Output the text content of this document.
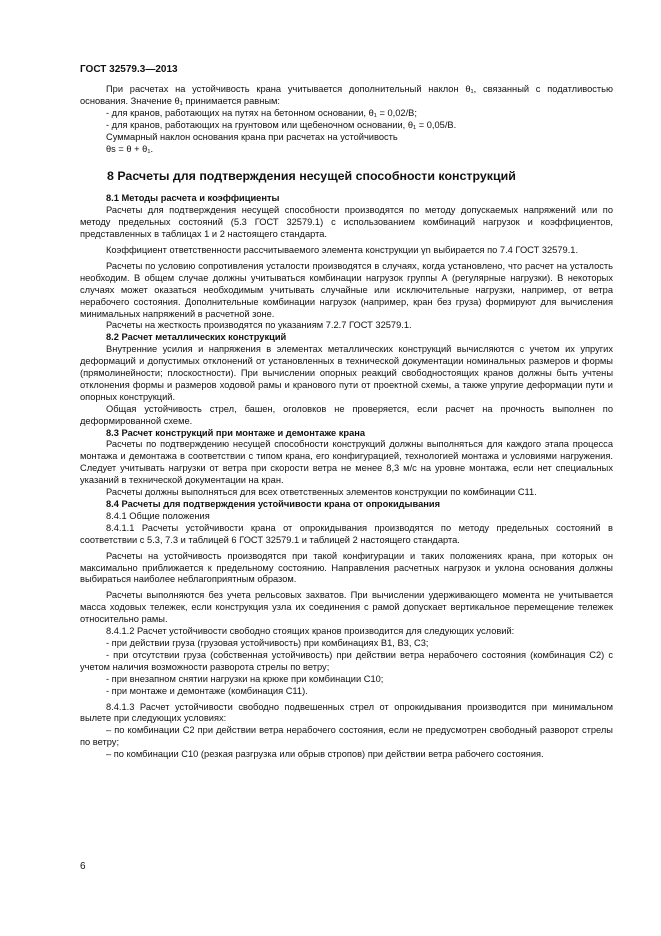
ГОСТ 32579.3—2013

При расчетах на устойчивость крана учитывается дополнительный наклон θ₁, связанный с податливостью основания. Значение θ₁ принимается равным:

- для кранов, работающих на путях на бетонном основании, θ₁ = 0,02/B;

- для кранов, работающих на грунтовом или щебеночном основании, θ₁ = 0,05/B.

Суммарный наклон основания крана при расчетах на устойчивость

θs = θ + θ₁.

8 Расчеты для подтверждения несущей способности конструкций

8.1 Методы расчета и коэффициенты

Расчеты для подтверждения несущей способности производятся по методу допускаемых напряжений или по методу предельных состояний (5.3 ГОСТ 32579.1) с использованием комбинаций нагрузок и коэффициентов, представленных в таблицах 1 и 2 настоящего стандарта.

Коэффициент ответственности рассчитываемого элемента конструкции γn выбирается по 7.4 ГОСТ 32579.1.

Расчеты по условию сопротивления усталости производятся в случаях, когда установлено, что расчет на усталость необходим. В общем случае должны учитываться комбинации нагрузок группы А (регулярные нагрузки). В некоторых случаях может оказаться необходимым учитывать случайные или исключительные нагрузки, например, от ветра нерабочего состояния. Дополнительные комбинации нагрузок (например, кран без груза) формируют для вычисления минимальных напряжений в расчетной зоне.

Расчеты на жесткость производятся по указаниям 7.2.7 ГОСТ 32579.1.

8.2 Расчет металлических конструкций

Внутренние усилия и напряжения в элементах металлических конструкций вычисляются с учетом их упругих деформаций и допустимых отклонений от установленных в технической документации номинальных размеров и формы (прямолинейности; плоскостности). При вычислении опорных реакций свободностоящих кранов должны быть учтены отклонения формы и размеров ходовой рамы и кранового пути от проектной схемы, а также упругие деформации пути и опорных конструкций.

Общая устойчивость стрел, башен, оголовков не проверяется, если расчет на прочность выполнен по деформированной схеме.

8.3 Расчет конструкций при монтаже и демонтаже крана

Расчеты по подтверждению несущей способности конструкций должны выполняться для каждого этапа процесса монтажа и демонтажа в соответствии с типом крана, его конфигурацией, технологией монтажа и условиями нагружения. Следует учитывать нагрузки от ветра при скорости ветра не менее 8,3 м/с на уровне монтажа, если нет специальных указаний в технической документации на кран.

Расчеты должны выполняться для всех ответственных элементов конструкции по комбинации С11.

8.4 Расчеты для подтверждения устойчивости крана от опрокидывания

8.4.1 Общие положения

8.4.1.1 Расчеты устойчивости крана от опрокидывания производятся по методу предельных состояний в соответствии с 5.3, 7.3 и таблицей 6 ГОСТ 32579.1 и таблицей 2 настоящего стандарта.

Расчеты на устойчивость производятся при такой конфигурации и таких положениях крана, при которых он максимально приближается к предельному состоянию. Направления расчетных нагрузок и уклона основания должны выбираться наиболее неблагоприятным образом.

Расчеты выполняются без учета рельсовых захватов. При вычислении удерживающего момента не учитывается масса ходовых тележек, если конструкция узла их соединения с рамой допускает вертикальное перемещение тележек относительно рамы.

8.4.1.2 Расчет устойчивости свободно стоящих кранов производится для следующих условий:

- при действии груза (грузовая устойчивость) при комбинациях В1, В3, С3;

- при отсутствии груза (собственная устойчивость) при действии ветра нерабочего состояния (комбинация С2) с учетом наличия возможности разворота стрелы по ветру;

- при внезапном снятии нагрузки на крюке при комбинации С10;

- при монтаже и демонтаже (комбинация С11).

8.4.1.3 Расчет устойчивости свободно подвешенных стрел от опрокидывания производится при минимальном вылете при следующих условиях:

– по комбинации С2 при действии ветра нерабочего состояния, если не предусмотрен свободный разворот стрелы по ветру;

– по комбинации С10 (резкая разгрузка или обрыв стропов) при действии ветра рабочего состояния.

6
